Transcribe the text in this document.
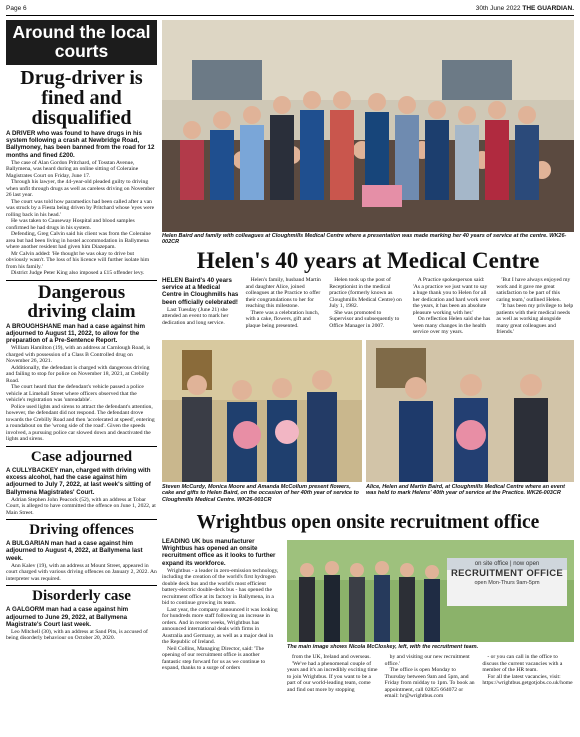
Page 6	30th June 2022 THE GUARDIAN.
Around the local courts
Drug-driver is fined and disqualified
A DRIVER who was found to have drugs in his system following a crash at Newbridge Road, Ballymoney, has been banned from the road for 12 months and fined £200.

The case of Alan Gordon Pritchard, of Tosstan Avenue, Ballymena, was heard during an online sitting of Coleraine Magistrates Court on Friday, June 17.

Through his lawyer, the 44-year-old pleaded guilty to driving when unfit through drugs as well as careless driving on November 26 last year.

The court was told how paramedics had been called after a van was struck by a Fiesta being driven by Pritchard whose 'eyes were rolling back in his head.'

He was taken to Causeway Hospital and blood samples confirmed he had drugs in his system.

Defending, Greg Calvin said his client was from the Coleraine area but had been living in hostel accommodation in Ballymena where another resident had given him Diazepam.

Mr Calvin added: 'He thought he was okay to drive but obviously wasn't. The loss of his licence will further isolate him from his family.'

District Judge Peter King also imposed a £15 offender levy.

Dangerous driving claim
A BROUGHSHANE man had a case against him adjourned to August 11, 2022, to allow for the preparation of a Pre-Sentence Report.

William Hamilton (19), with an address at Carnlough Road, is charged with possession of a Class B Controlled drug on November 26, 2021.

Additionally, the defendant is charged with dangerous driving and failing to stop for police on November 18, 2021, at Crebilly Road.

The court heard that the defendant's vehicle passed a police vehicle at Limehall Street where officers observed that the vehicle's registration was 'unreadable'.

Police used lights and sirens to attract the defendant's attention, however, the defendant did not respond. The defendant drove towards the Crebilly Road and then 'accelerated at speed', entering a roundabout on the 'wrong side of the road'. Given the speeds involved, a pursuing police car slowed down and deactivated the lights and sirens.

Case adjourned
A CULLYBACKEY man, charged with driving with excess alcohol, had the case against him adjourned to July 7, 2022, at last week's sitting of Ballymena Magistrates' Court.

Adrian Stephen John Peacock (52), with an address at Tobar Court, is alleged to have committed the offence on June 1, 2022, at Main Street.

Driving offences
A BULGARIAN man had a case against him adjourned to August 4, 2022, at Ballymena last week.

Ann Kalev (19), with an address at Mount Street, appeared in court charged with various driving offences on January 2, 2022. An interpreter was required.

Disorderly case
A GALGORM man had a case against him adjourned to June 29, 2022, at Ballymena Magistrate's Court last week.

Leo Mitchell (30), with an address at Sand Pits, is accused of being disorderly behaviour on October 20, 2020.

Helen Baird and family with colleagues at Cloughmills Medical Centre where a presentation was made marking her 40 years of service at the centre. WK26-002CR
Helen's 40 years at Medical Centre
HELEN Baird's 40 years service at a Medical Centre in Cloughmills has been officially celebrated!

Last Tuesday (June 21) she attended an event to mark her dedication and long service.

Helen's family, husband Martin and daughter Alice, joined colleagues at the Practice to offer their congratulations to her for reaching this milestone.

There was a celebration lunch, with a cake, flowers, gift and plaque being presented.

Helen took up the post of Receptionist in the medical practice (formerly known as Cloughmills Medical Centre) on July 1, 1982.

She was promoted to Supervisor and subsequently to Office Manager in 2007.

A Practice spokesperson said: 'As a practice we just want to say a huge thank you to Helen for all her dedication and hard work over the years, it has been an absolute pleasure working with her.'

On reflection Helen said she has 'seen many changes in the health service over my years.

'But I have always enjoyed my work and it gave me great satisfaction to be part of this caring team,' outlined Helen.

'It has been my privilege to help patients with their medical needs as well as working alongside many great colleagues and friends.'

Steven McCurdy, Monica Moore and Amanda McCollum present flowers, cake and gifts to Helen Baird, on the occasion of her 40th year of service to Cloughmills Medical Centre. WK26-001CR
Alice, Helen and Martin Baird, at Cloughmills Medical Centre where an event was held to mark Helens' 40th year of service at the Practice. WK26-003CR
Wrightbus open onsite recruitment office
LEADING UK bus manufacturer Wrightbus has opened an onsite recruitment office as it looks to further expand its workforce.

Wrightbus - a leader in zero-emission technology, including the creation of the world's first hydrogen double deck bus and the world's most efficient battery-electric double-deck bus - has opened the recruitment office at its factory in Ballymena, in a bid to continue growing its team.

Last year, the company announced it was looking for hundreds more staff following an increase in orders. And in recent weeks, Wrightbus has announced international deals with firms in Australia and Germany, as well as a major deal in the Republic of Ireland.

Neil Collins, Managing Director, said: 'The opening of our recruitment office is another fantastic step forward for us as we continue to expand, thanks to a surge of orders

on site office | now open
RECRUITMENT OFFICE
open Mon-Thurs 9am-5pm
The main image shows Nicola McCloskey, left, with the recruitment team.

from the UK, Ireland and overseas.

'We've had a phenomenal couple of years and it's an incredibly exciting time to join Wrightbus. If you want to be a part of our world-leading team, come and find out more by stopping

by and visiting our new recruitment office.'

The office is open Monday to Thursday between 9am and 5pm, and Friday from midday to 1pm. To book an appointment, call 02825 664072 or email: hr@wrightbus.com

- or you can call in the office to discuss the current vacancies with a member of the HR team.

For all the latest vacancies, visit: https://wrightbus.getgotjobs.co.uk/home
